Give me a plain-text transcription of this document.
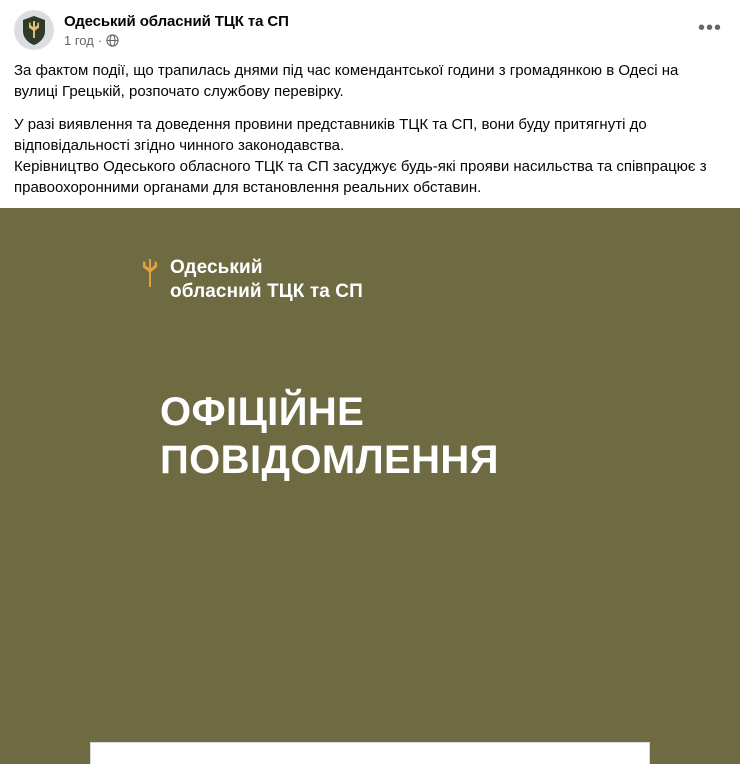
Одеський обласний ТЦК та СП
1 год ·
•••

За фактом події, що трапилась днями під час комендантської години з громадянкою в Одесі на вулиці Грецькій, розпочато службову перевірку.

У разі виявлення та доведення провини представників ТЦК та СП, вони буду притягнуті до відповідальності згідно чинного законодавства.

Керівництво Одеського обласного ТЦК та СП засуджує будь-які прояви насильства та співпрацює з правоохоронними органами для встановлення реальних обставин.

Одеський
обласний ТЦК та СП
ОФІЦІЙНЕ
ПОВІДОМЛЕННЯ
